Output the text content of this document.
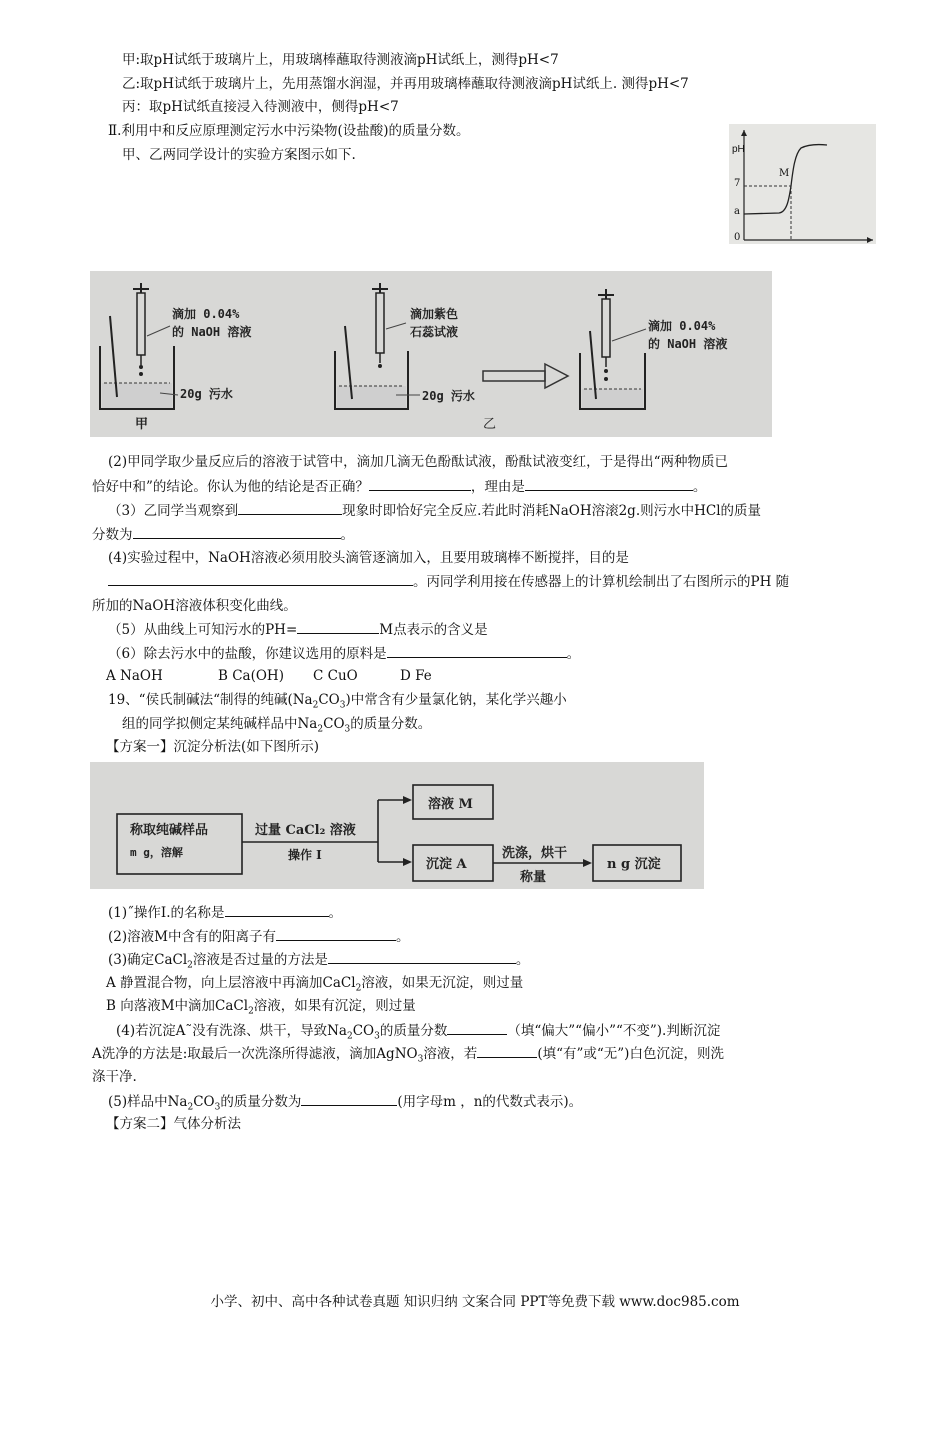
甲:取pH试纸于玻璃片上，用玻璃棒蘸取待测液滴pH试纸上，测得pH<7
乙:取pH试纸于玻璃片上，先用蒸馏水润湿，并再用玻璃棒蘸取待测液滴pH试纸上. 测得pH<7
丙：取pH试纸直接浸入待测液中，侧得pH<7
Ⅱ.利用中和反应原理测定污水中污染物(设盐酸)的质量分数。
甲、乙两同学设计的实验方案图示如下.	pH
7
a
0
M
滴加 0.04%
的 NaOH 溶液
20g 污水
甲
滴加紫色
石蕊试液
20g 污水
滴加 0.04%
的 NaOH 溶液
乙
(2)甲同学取少量反应后的溶液于试管中，滴加几滴无色酚酞试液，酚酞试液变红，于是得出“两种物质已
恰好中和”的结论。你认为他的结论是否正确？	，理由是	。
（3）乙同学当观察到	现象时即恰好完全反应.若此时消耗NaOH溶滚2g.则污水中HCl的质量
分数为	。
(4)实验过程中，NaOH溶液必须用胶头滴管逐滴加入，且要用玻璃棒不断搅拌，目的是
。丙同学利用接在传感器上的计算机绘制出了右图所示的PH 随
所加的NaOH溶液体积变化曲线。
（5）从曲线上可知污水的PH=	M点表示的含义是
（6）除去污水中的盐酸，你建议选用的原料是	。
A NaOH	B Ca(OH) C CuO	D Fe
19、“侯氏制碱法“制得的纯碱$(Na_2CO_3)$中常含有少量氯化钠，某化学兴趣小
组的同学拟侧定某纯碱样品中$Na_2CO_3$的质量分数。
【方案一】沉淀分析法(如下图所示)
称取纯碱样品
m g，溶解
过量 CaCl₂ 溶液
操作 Ⅰ
溶液 M
沉淀 A
洗涤，烘干
称量
n g 沉淀
(1)˝操作I.的名称是	。
(2)溶液M中含有的阳离子有	。
(3)确定CaCl$_2$溶液是否过量的方法是	。
A 静置混合物，向上层溶液中再滴加CaCl$_2$溶液，如果无沉淀，则过量
B 向落液M中滴加CaCl$_2$溶液，如果有沉淀，则过量
(4)若沉淀A˜没有洗涤、烘干，导致$Na_2CO_3$的质量分数	（填“偏大”“偏小”“不变”).判断沉淀
A洗净的方法是:取最后一次洗涤所得滤液，滴加AgNO$_3$溶液，若	(填“有”或“无”)白色沉淀，则洗
涤干净.
(5)样品中$Na_2CO_3$的质量分数为	(用字母m ，n的代数式表示)。
【方案二】气体分析法
小学、初中、高中各种试卷真题 知识归纳 文案合同 PPT等免费下载 www.doc985.com
